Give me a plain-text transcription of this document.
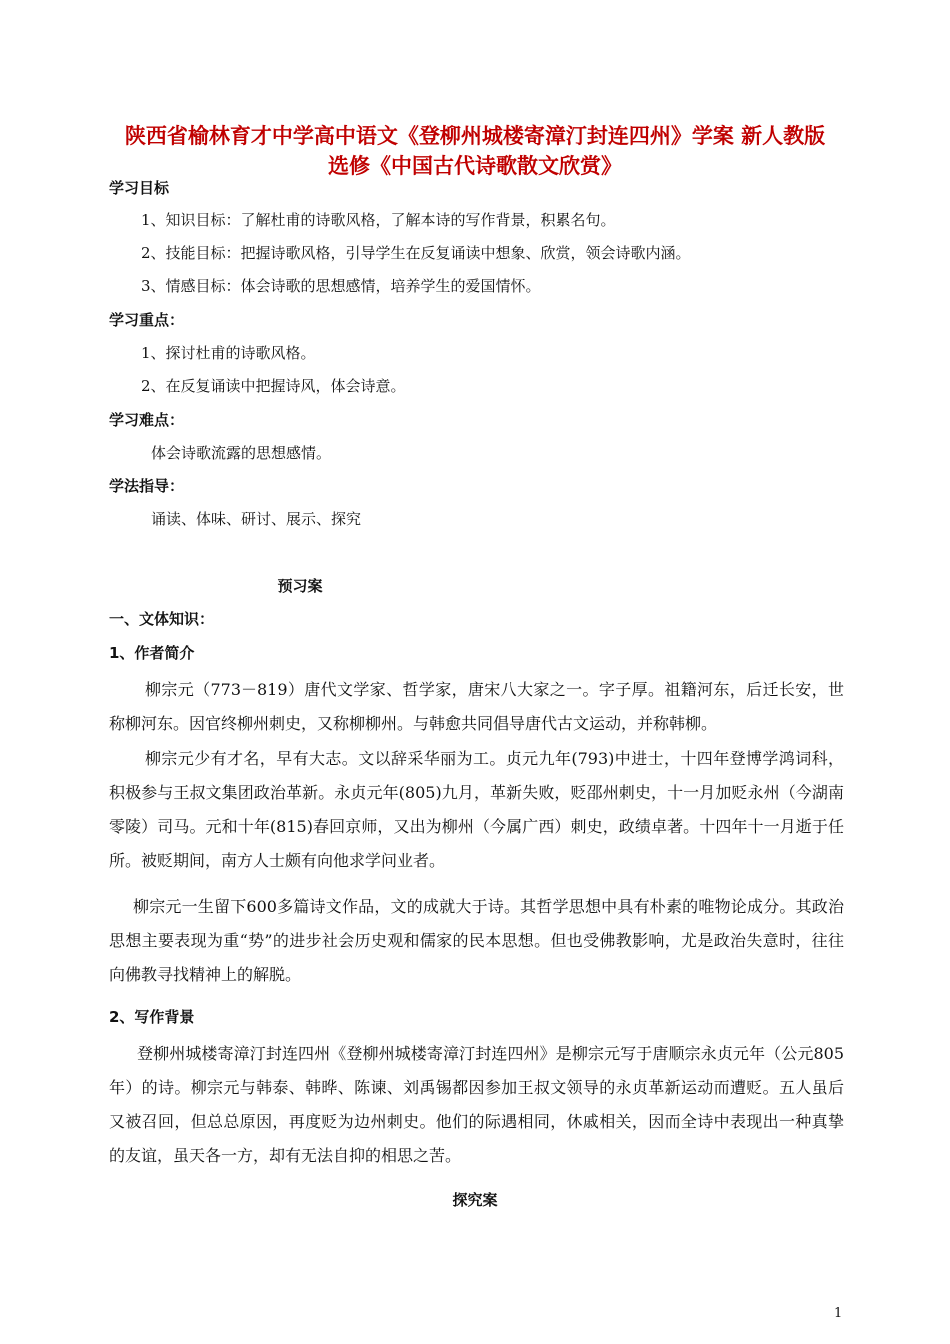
陕西省榆林育才中学高中语文《登柳州城楼寄漳汀封连四州》学案 新人教版
选修《中国古代诗歌散文欣赏》
学习目标
1、知识目标：了解杜甫的诗歌风格，了解本诗的写作背景，积累名句。
2、技能目标：把握诗歌风格，引导学生在反复诵读中想象、欣赏，领会诗歌内涵。
3、情感目标：体会诗歌的思想感情，培养学生的爱国情怀。
学习重点：
1、探讨杜甫的诗歌风格。
2、在反复诵读中把握诗风，体会诗意。
学习难点：
体会诗歌流露的思想感情。
学法指导：
诵读、体味、研讨、展示、探究
预习案
一、文体知识：
1、作者简介
柳宗元（773－819）唐代文学家、哲学家，唐宋八大家之一。字子厚。祖籍河东，后迁长安，世称柳河东。因官终柳州刺史，又称柳柳州。与韩愈共同倡导唐代古文运动，并称韩柳。
柳宗元少有才名，早有大志。文以辞采华丽为工。贞元九年(793)中进士，十四年登博学鸿词科，积极参与王叔文集团政治革新。永贞元年(805)九月，革新失败，贬邵州刺史，十一月加贬永州（今湖南零陵）司马。元和十年(815)春回京师，又出为柳州（今属广西）刺史，政绩卓著。十四年十一月逝于任所。被贬期间，南方人士颇有向他求学问业者。
柳宗元一生留下600多篇诗文作品，文的成就大于诗。其哲学思想中具有朴素的唯物论成分。其政治思想主要表现为重“势”的进步社会历史观和儒家的民本思想。但也受佛教影响，尤是政治失意时，往往向佛教寻找精神上的解脱。
2、写作背景
登柳州城楼寄漳汀封连四州《登柳州城楼寄漳汀封连四州》是柳宗元写于唐顺宗永贞元年（公元805年）的诗。柳宗元与韩泰、韩晔、陈谏、刘禹锡都因参加王叔文领导的永贞革新运动而遭贬。五人虽后又被召回，但总总原因，再度贬为边州刺史。他们的际遇相同，休戚相关，因而全诗中表现出一种真挚的友谊，虽天各一方，却有无法自抑的相思之苦。
探究案
1
